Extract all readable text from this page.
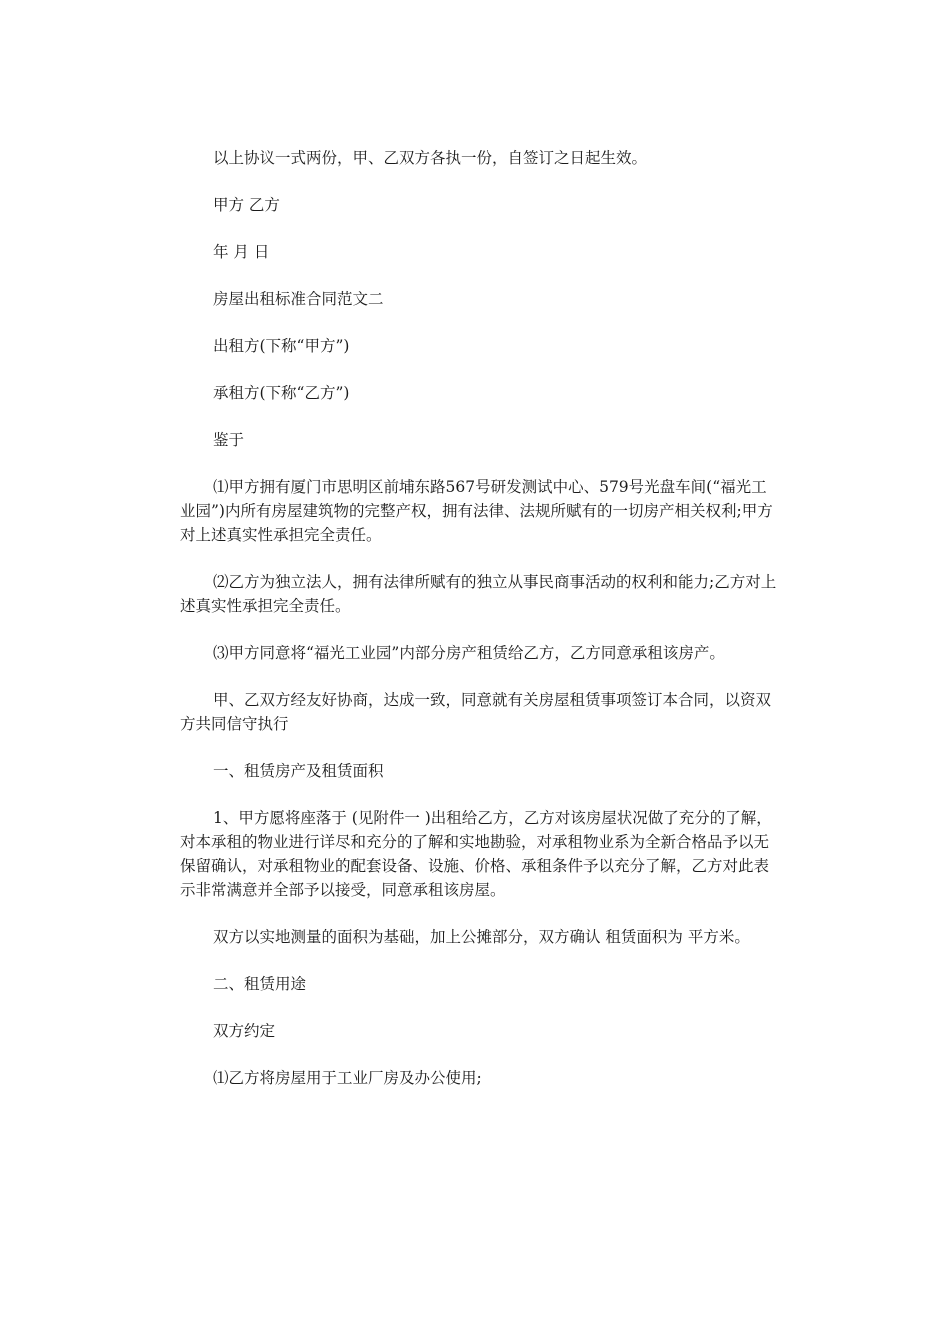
以上协议一式两份，甲、乙双方各执一份，自签订之日起生效。

甲方 乙方

年 月 日

房屋出租标准合同范文二

出租方(下称“甲方”)

承租方(下称“乙方”)

鉴于

⑴甲方拥有厦门市思明区前埔东路567号研发测试中心、579号光盘车间(“福光工业园”)内所有房屋建筑物的完整产权，拥有法律、法规所赋有的一切房产相关权利;甲方对上述真实性承担完全责任。

⑵乙方为独立法人，拥有法律所赋有的独立从事民商事活动的权利和能力;乙方对上述真实性承担完全责任。

⑶甲方同意将“福光工业园”内部分房产租赁给乙方，乙方同意承租该房产。

甲、乙双方经友好协商，达成一致，同意就有关房屋租赁事项签订本合同，以资双方共同信守执行

一、租赁房产及租赁面积

1、甲方愿将座落于 (见附件一 )出租给乙方，乙方对该房屋状况做了充分的了解，对本承租的物业进行详尽和充分的了解和实地勘验，对承租物业系为全新合格品予以无保留确认，对承租物业的配套设备、设施、价格、承租条件予以充分了解，乙方对此表示非常满意并全部予以接受，同意承租该房屋。

双方以实地测量的面积为基础，加上公摊部分，双方确认 租赁面积为 平方米。

二、租赁用途

双方约定

⑴乙方将房屋用于工业厂房及办公使用;
